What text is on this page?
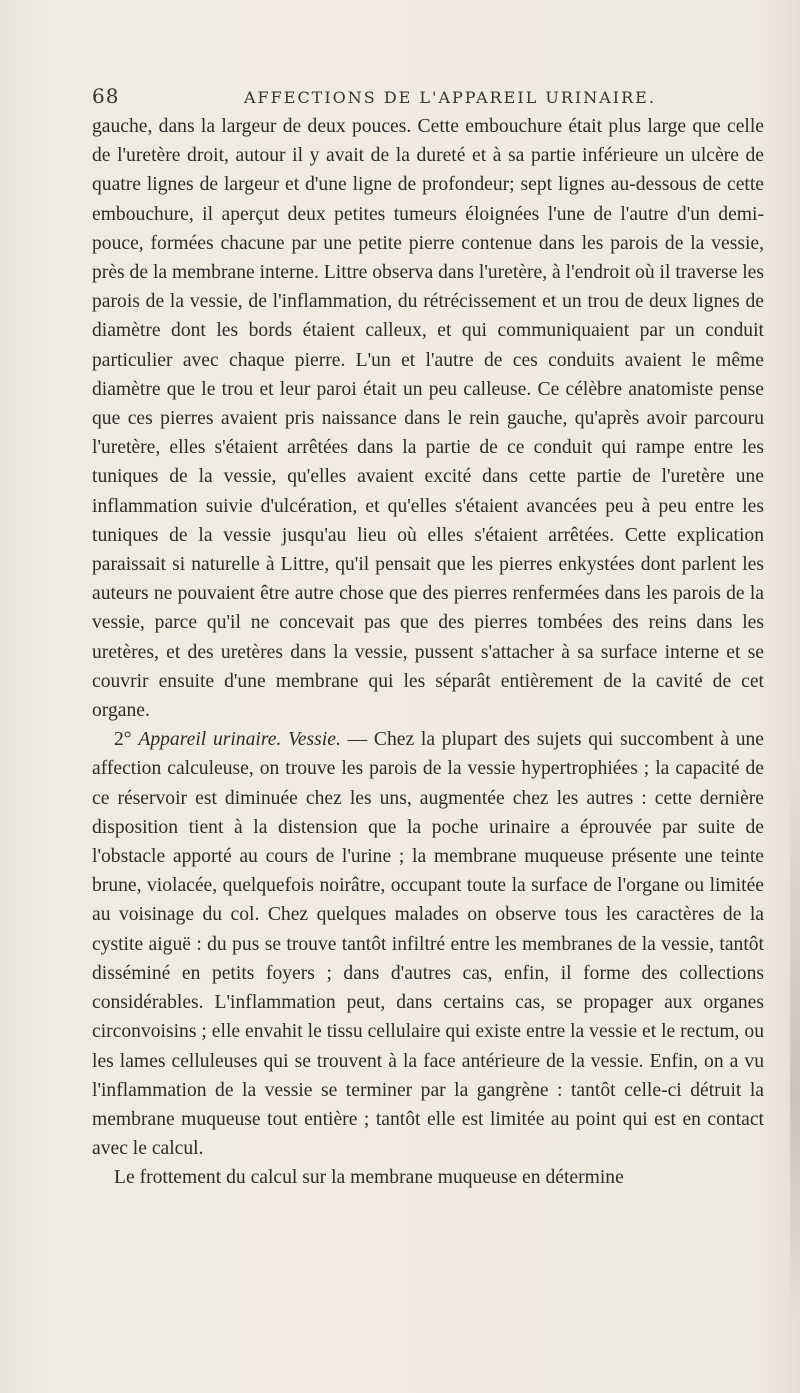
68	AFFECTIONS DE L'APPAREIL URINAIRE.

gauche, dans la largeur de deux pouces. Cette embouchure était plus large que celle de l'uretère droit, autour il y avait de la dureté et à sa partie inférieure un ulcère de quatre lignes de largeur et d'une ligne de profondeur; sept lignes au-dessous de cette embouchure, il aperçut deux petites tumeurs éloignées l'une de l'autre d'un demi-pouce, formées chacune par une petite pierre contenue dans les parois de la vessie, près de la membrane interne. Littre observa dans l'uretère, à l'endroit où il traverse les parois de la vessie, de l'inflammation, du rétrécissement et un trou de deux lignes de diamètre dont les bords étaient calleux, et qui communiquaient par un conduit particulier avec chaque pierre. L'un et l'autre de ces conduits avaient le même diamètre que le trou et leur paroi était un peu calleuse. Ce célèbre anatomiste pense que ces pierres avaient pris naissance dans le rein gauche, qu'après avoir parcouru l'uretère, elles s'étaient arrêtées dans la partie de ce conduit qui rampe entre les tuniques de la vessie, qu'elles avaient excité dans cette partie de l'uretère une inflammation suivie d'ulcération, et qu'elles s'étaient avancées peu à peu entre les tuniques de la vessie jusqu'au lieu où elles s'étaient arrêtées. Cette explication paraissait si naturelle à Littre, qu'il pensait que les pierres enkystées dont parlent les auteurs ne pouvaient être autre chose que des pierres renfermées dans les parois de la vessie, parce qu'il ne concevait pas que des pierres tombées des reins dans les uretères, et des uretères dans la vessie, pussent s'attacher à sa surface interne et se couvrir ensuite d'une membrane qui les séparât entièrement de la cavité de cet organe.

2° Appareil urinaire. Vessie. — Chez la plupart des sujets qui succombent à une affection calculeuse, on trouve les parois de la vessie hypertrophiées ; la capacité de ce réservoir est diminuée chez les uns, augmentée chez les autres : cette dernière disposition tient à la distension que la poche urinaire a éprouvée par suite de l'obstacle apporté au cours de l'urine ; la membrane muqueuse présente une teinte brune, violacée, quelquefois noirâtre, occupant toute la surface de l'organe ou limitée au voisinage du col. Chez quelques malades on observe tous les caractères de la cystite aiguë : du pus se trouve tantôt infiltré entre les membranes de la vessie, tantôt disséminé en petits foyers ; dans d'autres cas, enfin, il forme des collections considérables. L'inflammation peut, dans certains cas, se propager aux organes circonvoisins ; elle envahit le tissu cellulaire qui existe entre la vessie et le rectum, ou les lames celluleuses qui se trouvent à la face antérieure de la vessie. Enfin, on a vu l'inflammation de la vessie se terminer par la gangrène : tantôt celle-ci détruit la membrane muqueuse tout entière ; tantôt elle est limitée au point qui est en contact avec le calcul.

Le frottement du calcul sur la membrane muqueuse en détermine
